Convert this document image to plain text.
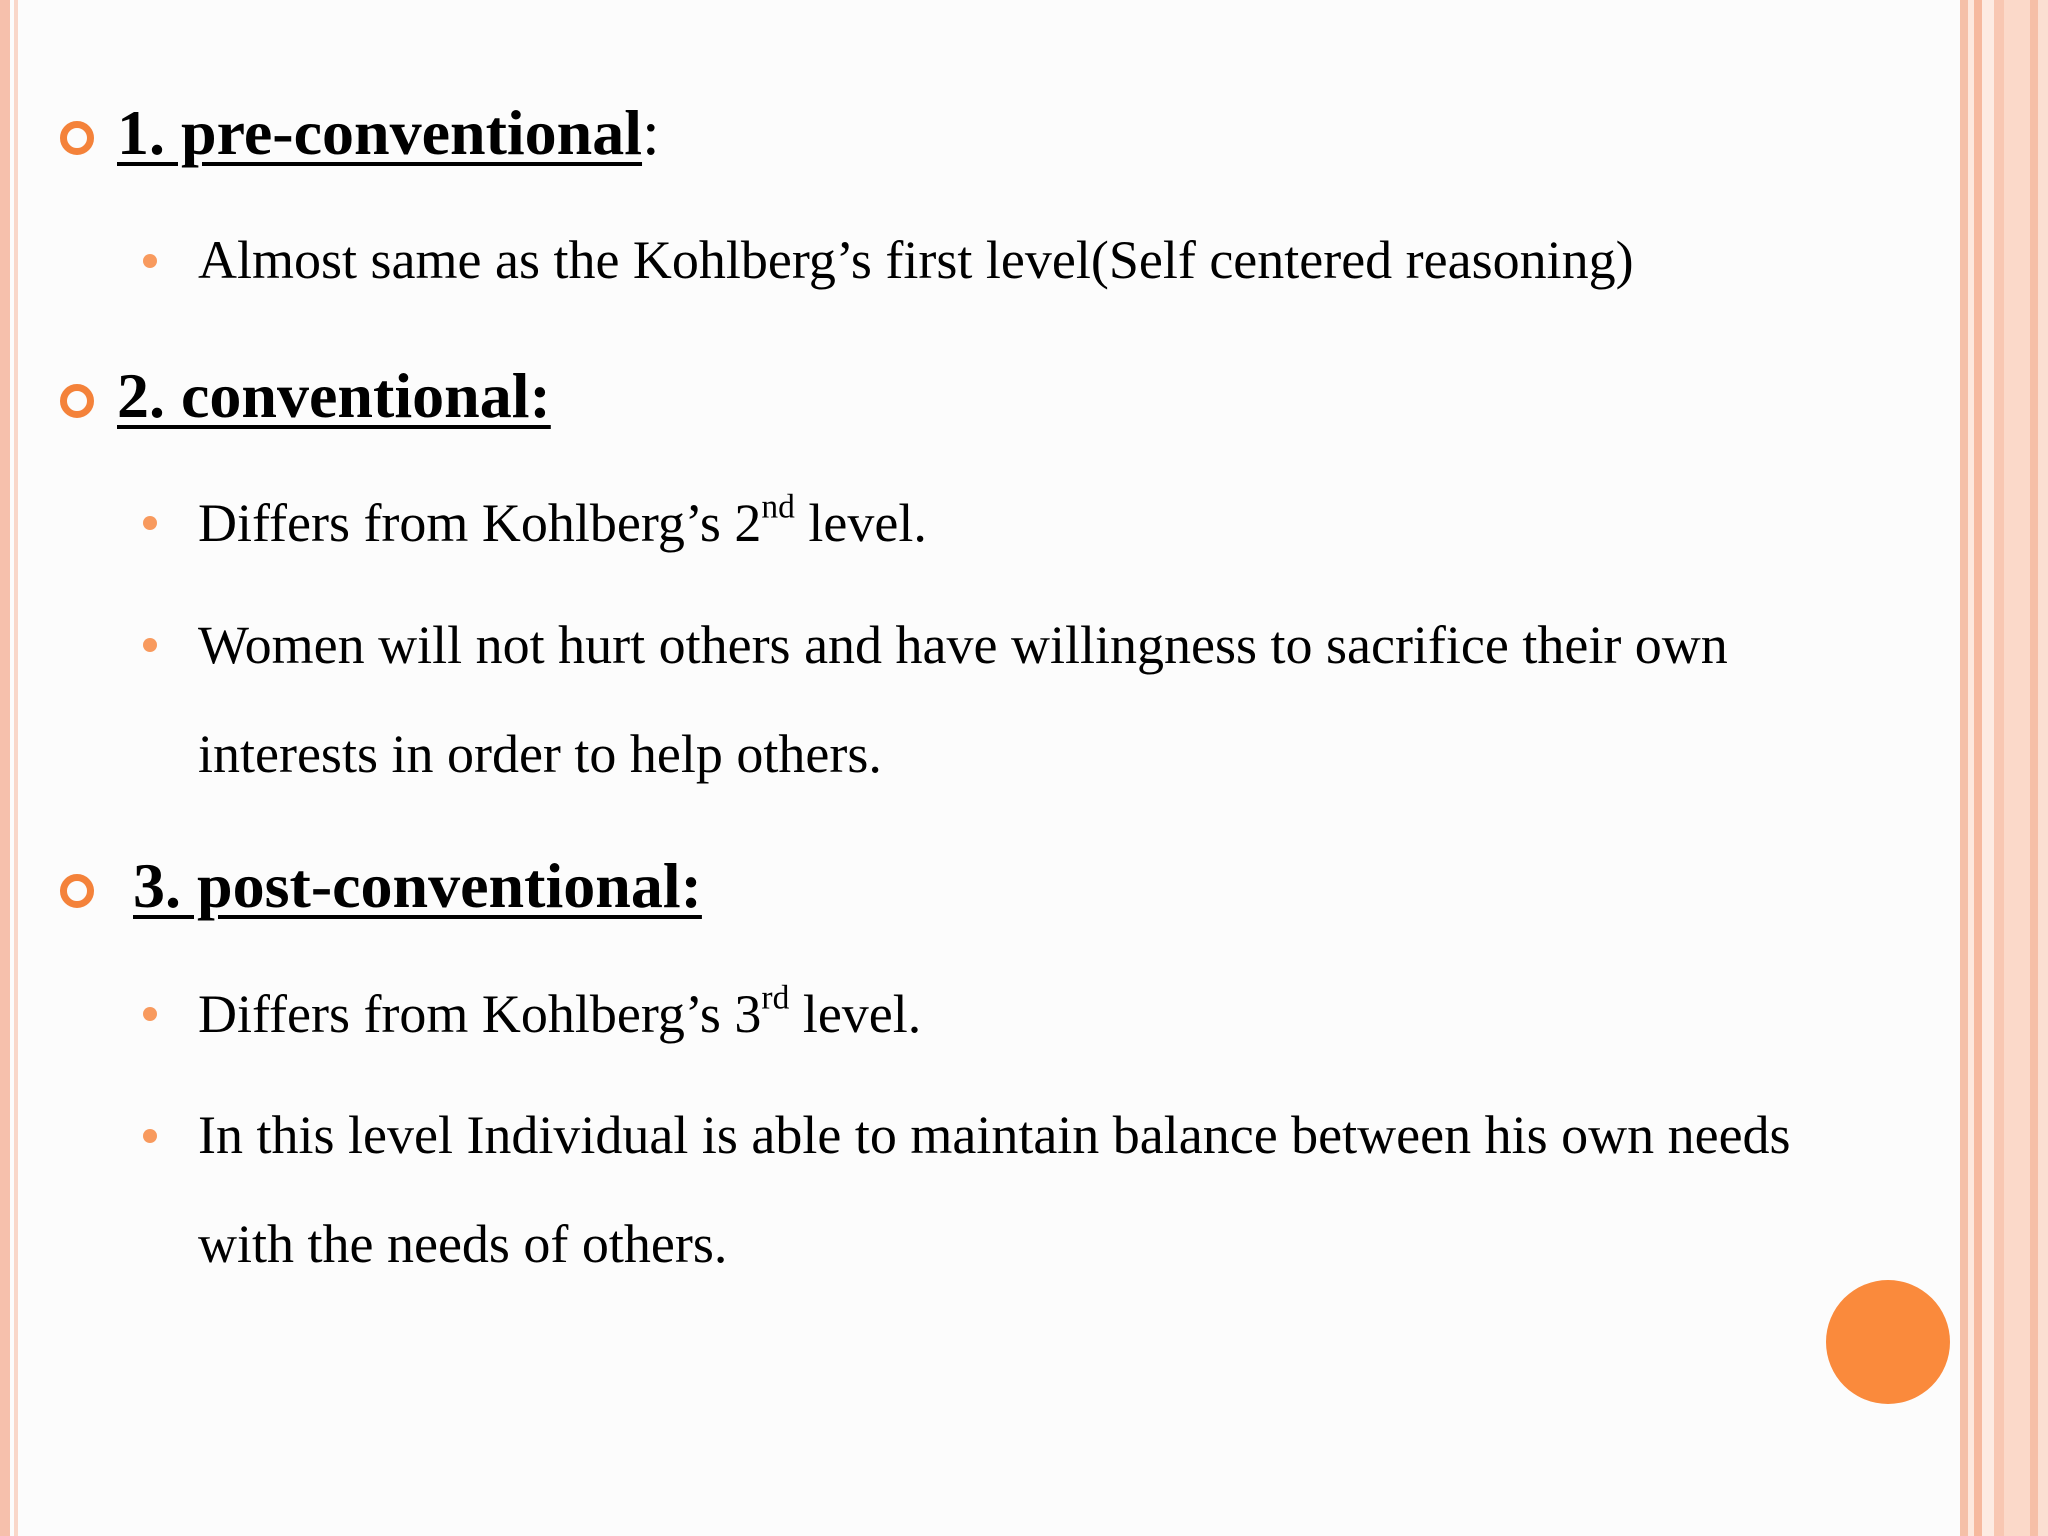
1. pre-conventional:
Almost same as the Kohlberg’s first level(Self centered reasoning)
2. conventional:
Differs from Kohlberg’s 2nd level.
Women will not hurt others and have willingness to sacrifice their own
interests in order to help others.
3. post-conventional:
Differs from Kohlberg’s 3rd level.
In this level Individual is able to maintain balance between his own needs
with the needs of others.
